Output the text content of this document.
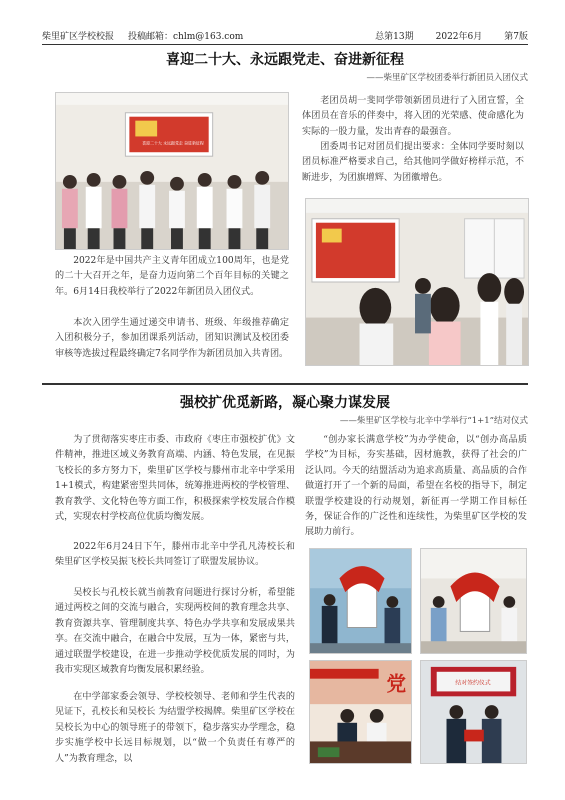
柴里矿区学校校报 投稿邮箱：chlm@163.com	总第13期 2022年6月 第7版
喜迎二十大、永远跟党走、奋进新征程
——柴里矿区学校团委举行新团员入团仪式
喜迎二十大 永远跟党走 奋进新征程
老团员胡一斐同学带领新团员进行了入团宣誓，全体团员在音乐的伴奏中，将入团的光荣感、使命感化为实际的一股力量，发出青春的最强音。
团委周书记对团员们提出要求：全体同学要时刻以团员标准严格要求自己，给其他同学做好榜样示范，不断进步，为团旗增辉、为团徽增色。
2022年是中国共产主义青年团成立100周年，也是党的二十大召开之年，是奋力迈向第二个百年目标的关键之年。6月14日我校举行了2022年新团员入团仪式。
本次入团学生通过递交申请书、班级、年级推荐确定入团积极分子，参加团课系列活动，团知识测试及校团委审核等选拔过程最终确定7名同学作为新团员加入共青团。
强校扩优觅新路，凝心聚力谋发展
——柴里矿区学校与北辛中学举行“1+1”结对仪式
为了贯彻落实枣庄市委、市政府《枣庄市强校扩优》文件精神，推进区域义务教育高端、内涵、特色发展，在见振飞校长的多方努力下，柴里矿区学校与滕州市北辛中学采用1+1模式，构建紧密型共同体，统筹推进两校的学校管理、教育教学、文化特色等方面工作，积极探索学校发展合作模式，实现农村学校高位优质均衡发展。
2022年6月24日下午，滕州市北辛中学孔凡涛校长和柴里矿区学校吴振飞校长共同签订了联盟发展协议。
吴校长与孔校长就当前教育问题进行探讨分析，希望能通过两校之间的交流与融合，实现两校间的教育理念共享、教育资源共享、管理制度共享、特色办学共享和发展成果共享。在交流中融合，在融合中发展，互为一体，紧密与共，通过联盟学校建设，在进一步推动学校优质发展的同时，为我市实现区域教育均衡发展积累经验。
在中学部家委会领导、学校校领导、老师和学生代表的见证下，孔校长和吴校长 为结盟学校揭牌。柴里矿区学校在吴校长为中心的领导班子的带领下，稳步落实办学理念，稳步实施学校中长远目标规划，以“做一个负责任有尊严的人”为教育理念，以
“创办家长满意学校”为办学使命，以“创办高品质学校”为目标，夯实基础，因材施教，获得了社会的广泛认同。今天的结盟活动为追求高质量、高品质的合作做道打开了一个新的局面，希望在名校的指导下，制定联盟学校建设的行动规划，新征再一学期工作目标任务，保证合作的广泛性和连续性，为柴里矿区学校的发展助力前行。
党	结对签约仪式
